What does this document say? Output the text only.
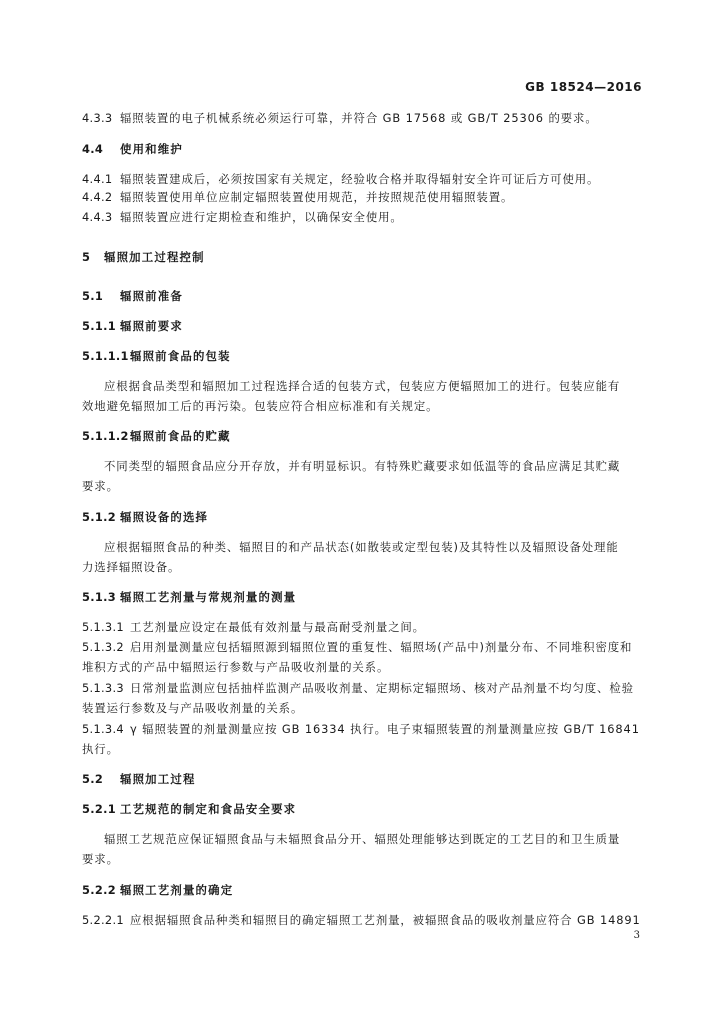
GB 18524—2016
4.3.3 辐照装置的电子机械系统必须运行可靠，并符合 GB 17568 或 GB/T 25306 的要求。
4.4 使用和维护
4.4.1 辐照装置建成后，必须按国家有关规定，经验收合格并取得辐射安全许可证后方可使用。
4.4.2 辐照装置使用单位应制定辐照装置使用规范，并按照规范使用辐照装置。
4.4.3 辐照装置应进行定期检查和维护，以确保安全使用。
5 辐照加工过程控制
5.1 辐照前准备
5.1.1 辐照前要求
5.1.1.1辐照前食品的包装
应根据食品类型和辐照加工过程选择合适的包装方式，包装应方便辐照加工的进行。包装应能有
效地避免辐照加工后的再污染。包装应符合相应标准和有关规定。
5.1.1.2辐照前食品的贮藏
不同类型的辐照食品应分开存放，并有明显标识。有特殊贮藏要求如低温等的食品应满足其贮藏
要求。
5.1.2 辐照设备的选择
应根据辐照食品的种类、辐照目的和产品状态(如散装或定型包装)及其特性以及辐照设备处理能
力选择辐照设备。
5.1.3 辐照工艺剂量与常规剂量的测量
5.1.3.1 工艺剂量应设定在最低有效剂量与最高耐受剂量之间。
5.1.3.2 启用剂量测量应包括辐照源到辐照位置的重复性、辐照场(产品中)剂量分布、不同堆积密度和
堆积方式的产品中辐照运行参数与产品吸收剂量的关系。
5.1.3.3 日常剂量监测应包括抽样监测产品吸收剂量、定期标定辐照场、核对产品剂量不均匀度、检验
装置运行参数及与产品吸收剂量的关系。
5.1.3.4 γ 辐照装置的剂量测量应按 GB 16334 执行。电子束辐照装置的剂量测量应按 GB/T 16841
执行。
5.2 辐照加工过程
5.2.1 工艺规范的制定和食品安全要求
辐照工艺规范应保证辐照食品与未辐照食品分开、辐照处理能够达到既定的工艺目的和卫生质量
要求。
5.2.2 辐照工艺剂量的确定
5.2.2.1 应根据辐照食品种类和辐照目的确定辐照工艺剂量，被辐照食品的吸收剂量应符合 GB 14891
3
